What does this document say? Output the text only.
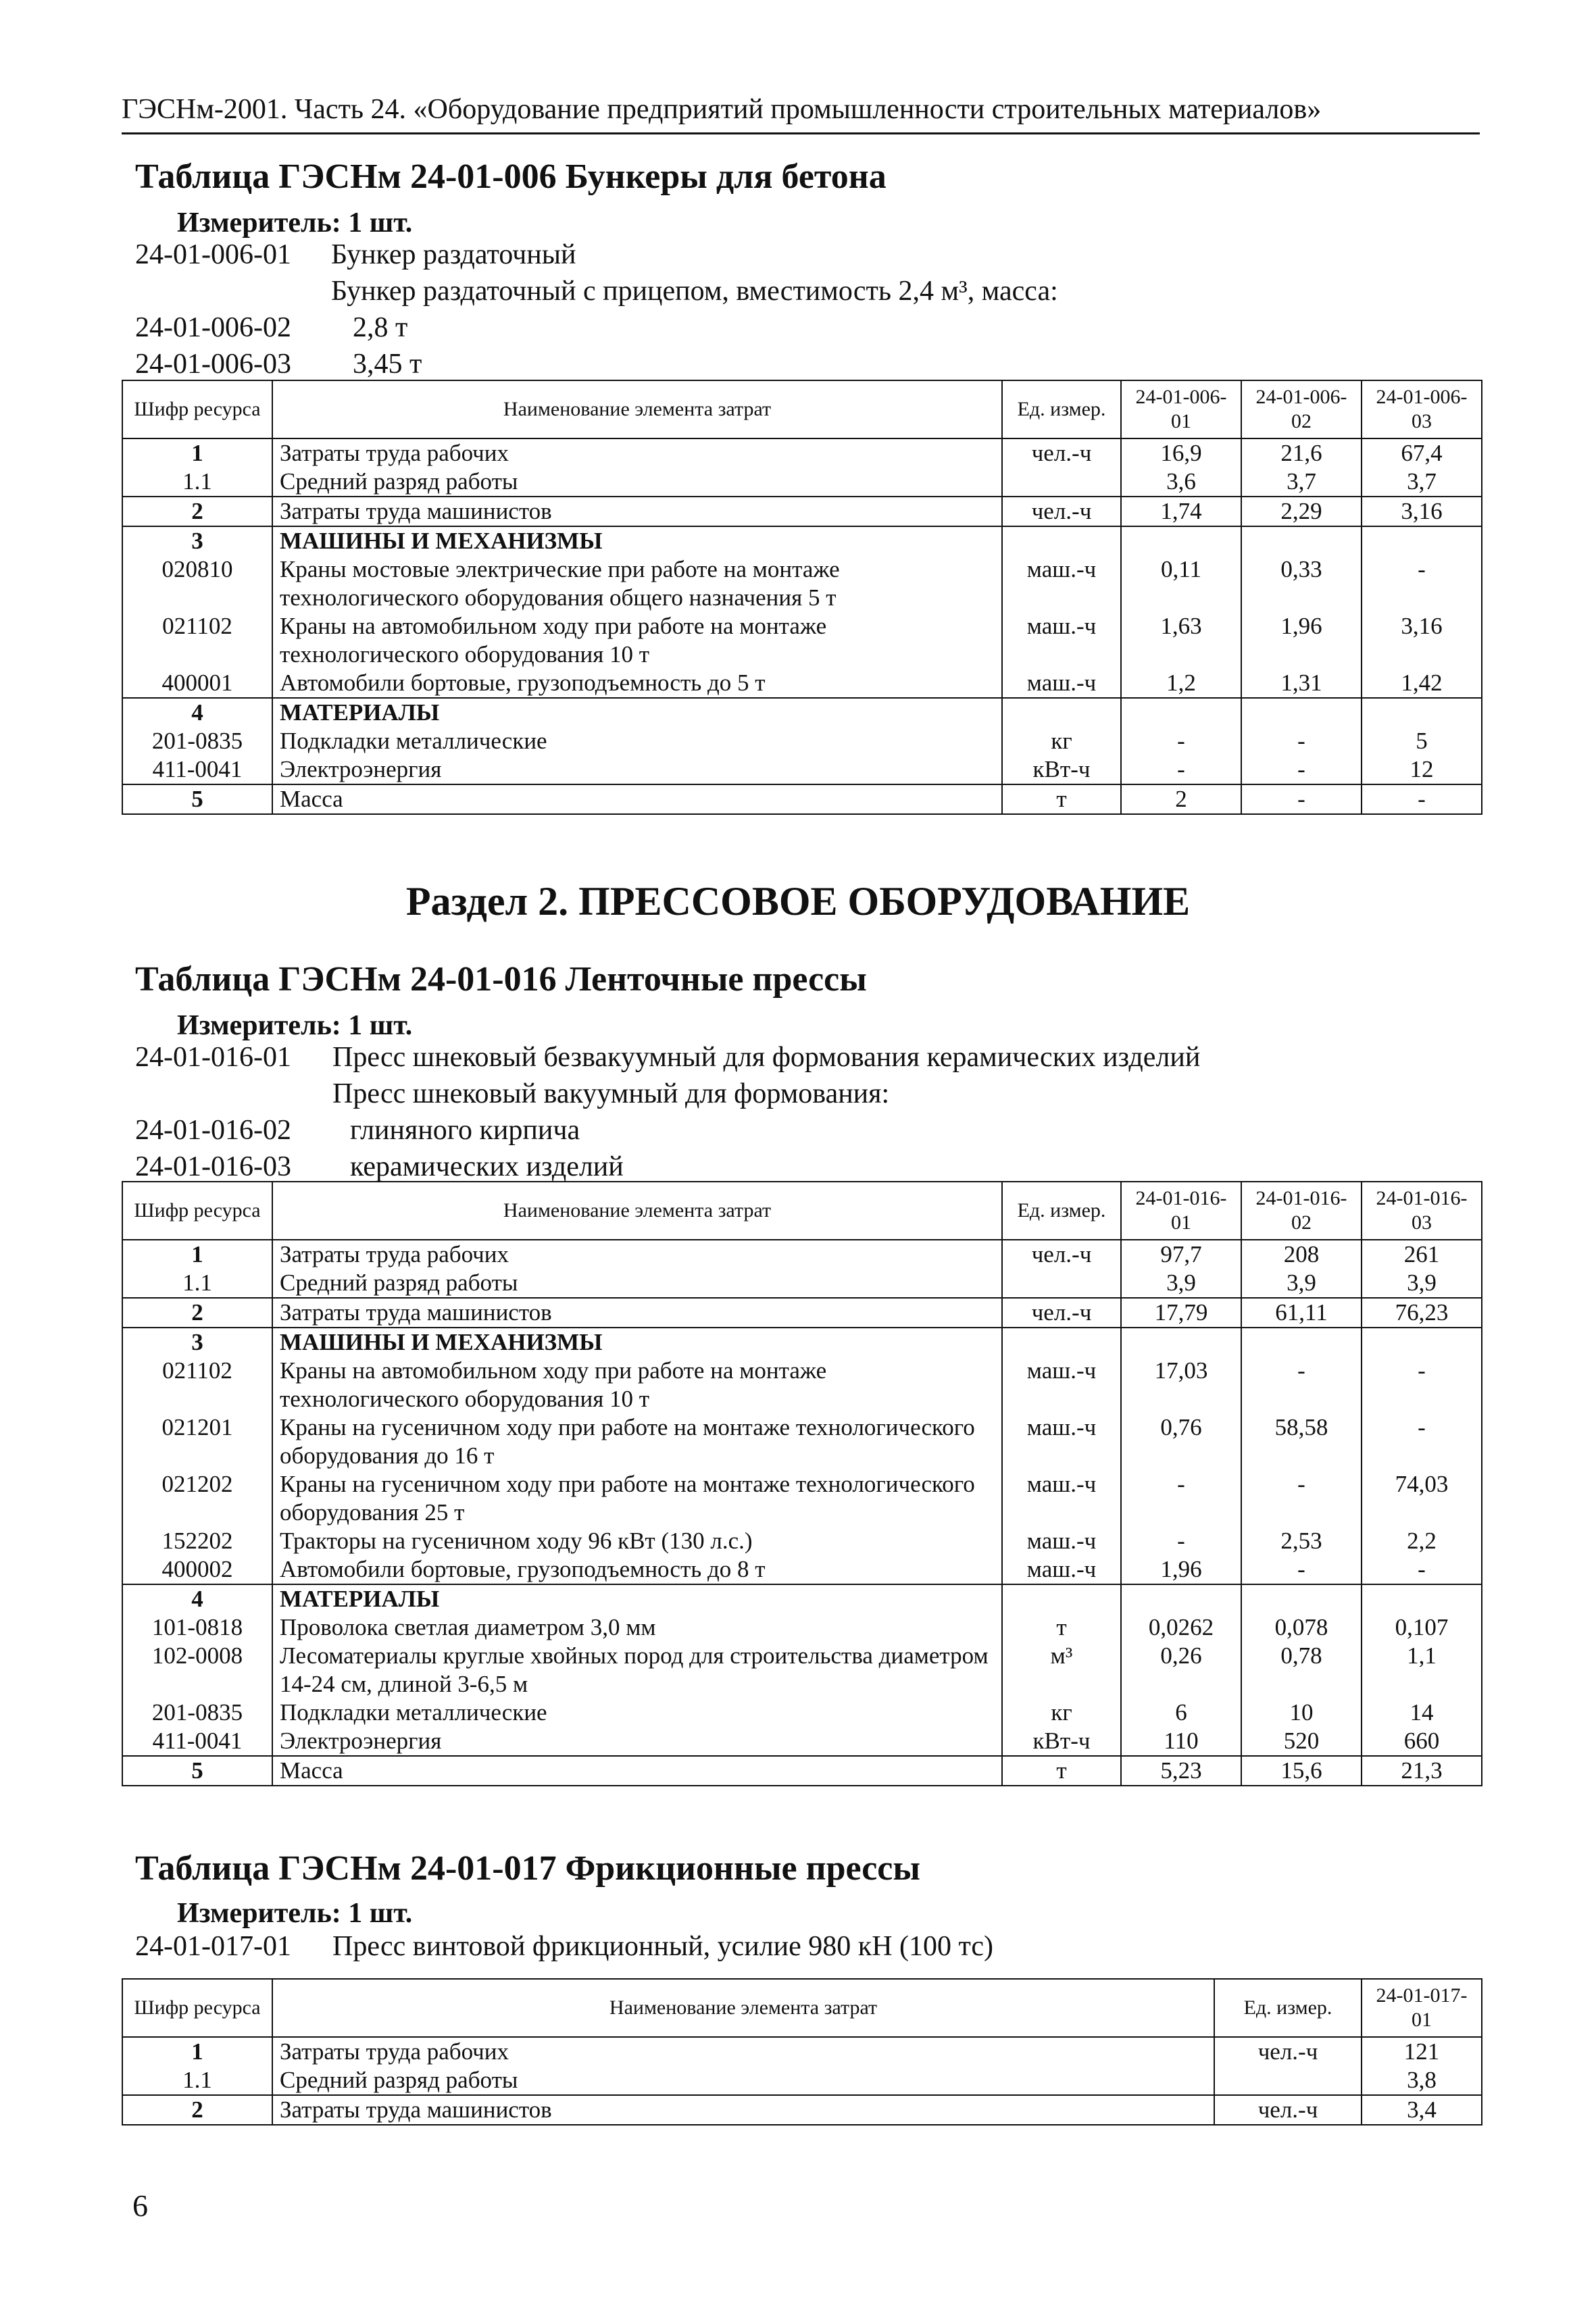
ГЭСНм-2001. Часть 24. «Оборудование предприятий промышленности строительных материалов»
Таблица ГЭСНм 24-01-006 Бункеры для бетона
Измеритель: 1 шт.
24-01-006-01 Бункер раздаточный
Бункер раздаточный с прицепом, вместимость 2,4 м³, масса:
24-01-006-02 2,8 т
24-01-006-03 3,45 т
Шифр ресурса	Наименование элемента затрат	Ед. измер.	24-01-006-01	24-01-006-02	24-01-006-03
1	Затраты труда рабочих	чел.-ч	16,9	21,6	67,4
1.1	Средний разряд работы		3,6	3,7	3,7
2	Затраты труда машинистов	чел.-ч	1,74	2,29	3,16
3	МАШИНЫ И МЕХАНИЗМЫ				
020810	Краны мостовые электрические при работе на монтаже технологического оборудования общего назначения 5 т	маш.-ч	0,11	0,33	-
021102	Краны на автомобильном ходу при работе на монтаже технологического оборудования 10 т	маш.-ч	1,63	1,96	3,16
400001	Автомобили бортовые, грузоподъемность до 5 т	маш.-ч	1,2	1,31	1,42
4	МАТЕРИАЛЫ				
201-0835	Подкладки металлические	кг	-	-	5
411-0041	Электроэнергия	кВт-ч	-	-	12
5	Масса	т	2	-	-
Раздел 2. ПРЕССОВОЕ ОБОРУДОВАНИЕ
Таблица ГЭСНм 24-01-016 Ленточные прессы
Измеритель: 1 шт.
24-01-016-01 Пресс шнековый безвакуумный для формования керамических изделий
Пресс шнековый вакуумный для формования:
24-01-016-02 глиняного кирпича
24-01-016-03 керамических изделий
Шифр ресурса	Наименование элемента затрат	Ед. измер.	24-01-016-01	24-01-016-02	24-01-016-03
1	Затраты труда рабочих	чел.-ч	97,7	208	261
1.1	Средний разряд работы		3,9	3,9	3,9
2	Затраты труда машинистов	чел.-ч	17,79	61,11	76,23
3	МАШИНЫ И МЕХАНИЗМЫ				
021102	Краны на автомобильном ходу при работе на монтаже технологического оборудования 10 т	маш.-ч	17,03	-	-
021201	Краны на гусеничном ходу при работе на монтаже технологического оборудования до 16 т	маш.-ч	0,76	58,58	-
021202	Краны на гусеничном ходу при работе на монтаже технологического оборудования 25 т	маш.-ч	-	-	74,03
152202	Тракторы на гусеничном ходу 96 кВт (130 л.с.)	маш.-ч	-	2,53	2,2
400002	Автомобили бортовые, грузоподъемность до 8 т	маш.-ч	1,96	-	-
4	МАТЕРИАЛЫ				
101-0818	Проволока светлая диаметром 3,0 мм	т	0,0262	0,078	0,107
102-0008	Лесоматериалы круглые хвойных пород для строительства диаметром 14-24 см, длиной 3-6,5 м	м³	0,26	0,78	1,1
201-0835	Подкладки металлические	кг	6	10	14
411-0041	Электроэнергия	кВт-ч	110	520	660
5	Масса	т	5,23	15,6	21,3
Таблица ГЭСНм 24-01-017 Фрикционные прессы
Измеритель: 1 шт.
24-01-017-01 Пресс винтовой фрикционный, усилие 980 кН (100 тс)
Шифр ресурса	Наименование элемента затрат	Ед. измер.	24-01-017-01
1	Затраты труда рабочих	чел.-ч	121
1.1	Средний разряд работы		3,8
2	Затраты труда машинистов	чел.-ч	3,4
6
